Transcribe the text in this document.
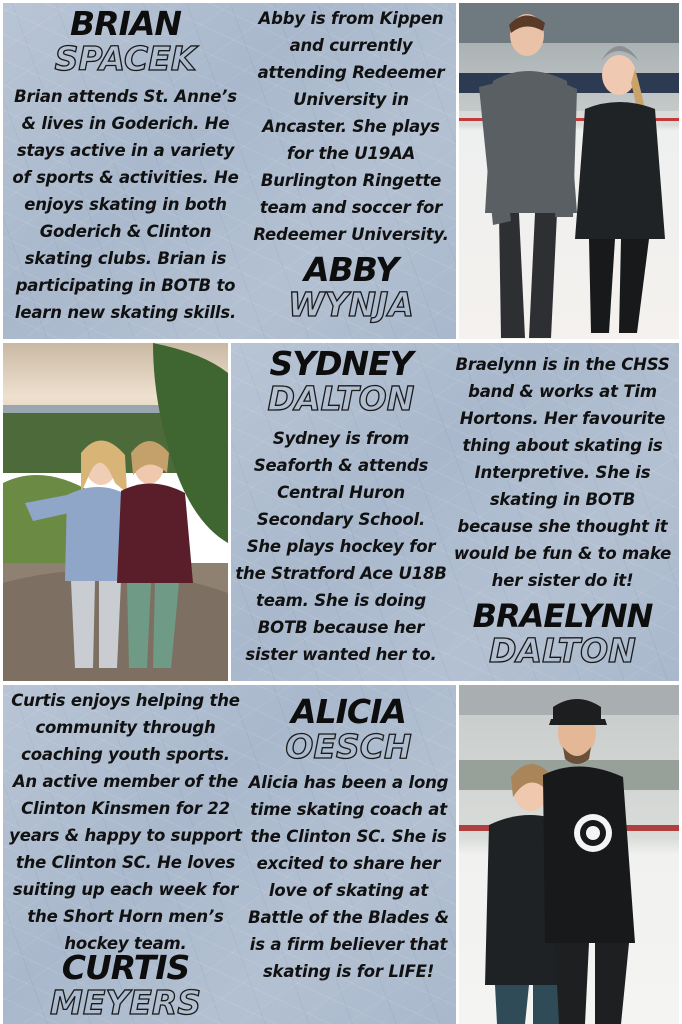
BRIAN
SPACEK
Brian attends St. Anne’s
& lives in Goderich. He
stays active in a variety
of sports & activities. He
enjoys skating in both
Goderich & Clinton
skating clubs. Brian is
participating in BOTB to
learn new skating skills.
Abby is from Kippen
and currently
attending Redeemer
University in
Ancaster. She plays
for the U19AA
Burlington Ringette
team and soccer for
Redeemer University.
ABBY
WYNJA
SYDNEY
DALTON
Sydney is from
Seaforth & attends
Central Huron
Secondary School.
She plays hockey for
the Stratford Ace U18B
team. She is doing
BOTB because her
sister wanted her to.
Braelynn is in the CHSS
band & works at Tim
Hortons. Her favourite
thing about skating is
Interpretive. She is
skating in BOTB
because she thought it
would be fun & to make
her sister do it!
BRAELYNN
DALTON
Curtis enjoys helping the
community through
coaching youth sports.
An active member of the
Clinton Kinsmen for 22
years & happy to support
the Clinton SC. He loves
suiting up each week for
the Short Horn men’s
hockey team.
CURTIS
MEYERS
ALICIA
OESCH
Alicia has been a long
time skating coach at
the Clinton SC. She is
excited to share her
love of skating at
Battle of the Blades &
is a firm believer that
skating is for LIFE!
